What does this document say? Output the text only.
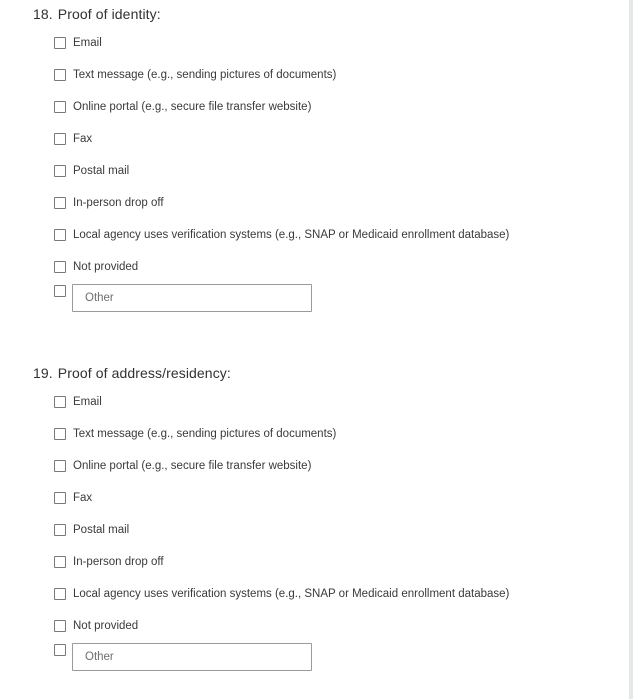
18. Proof of identity:
Email
Text message (e.g., sending pictures of documents)
Online portal (e.g., secure file transfer website)
Fax
Postal mail
In-person drop off
Local agency uses verification systems (e.g., SNAP or Medicaid enrollment database)
Not provided
Other
19. Proof of address/residency:
Email
Text message (e.g., sending pictures of documents)
Online portal (e.g., secure file transfer website)
Fax
Postal mail
In-person drop off
Local agency uses verification systems (e.g., SNAP or Medicaid enrollment database)
Not provided
Other
